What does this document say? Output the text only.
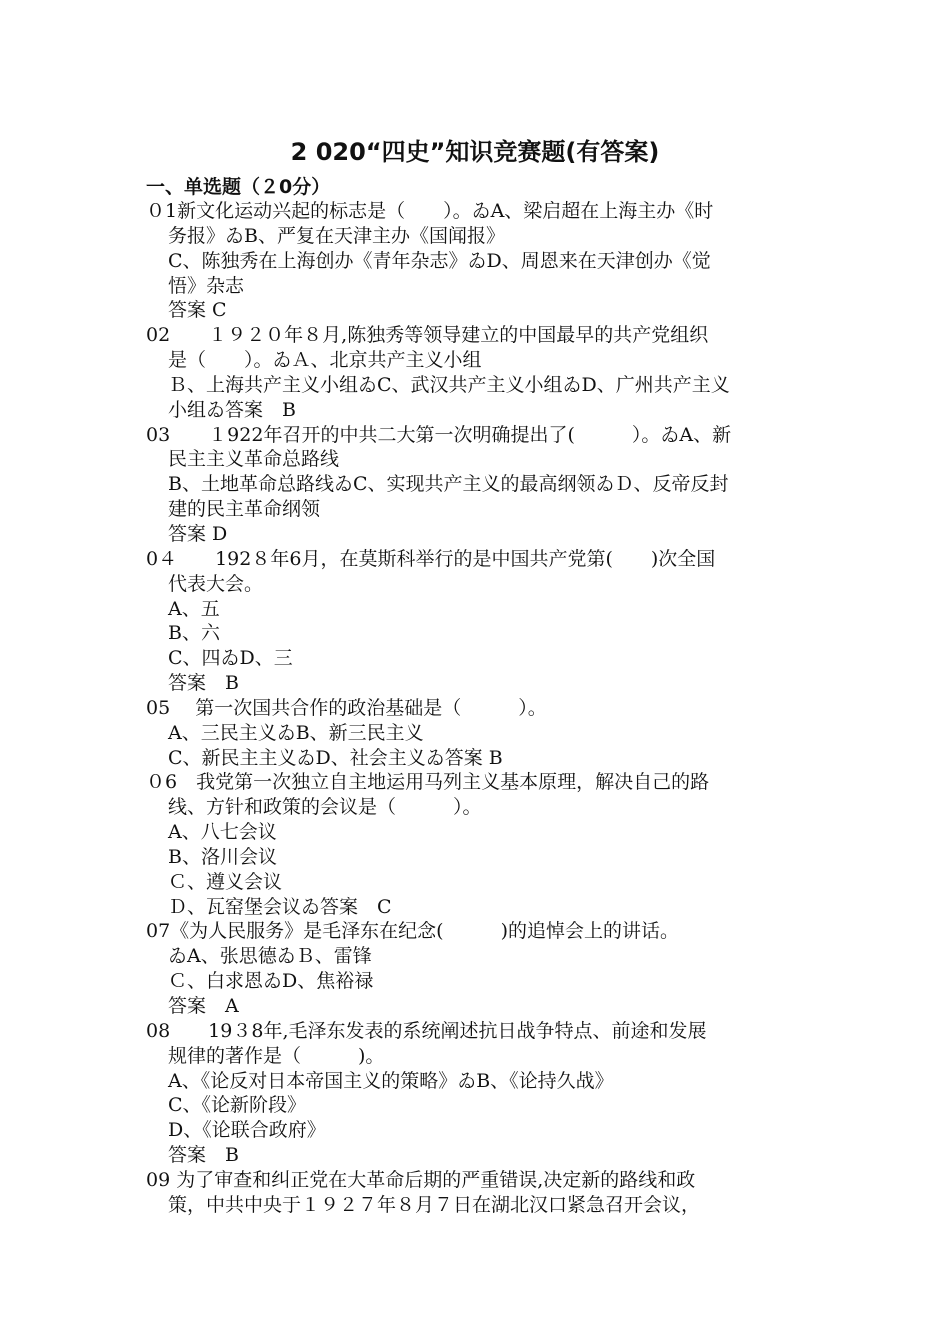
2 020“四史”知识竞赛题(有答案)
一、单选题（２0分）
０1新文化运动兴起的标志是（　　）。ゐA、梁启超在上海主办《时
务报》ゐB、严复在天津主办《国闻报》
C、陈独秀在上海创办《青年杂志》ゐD、周恩来在天津创办《觉
悟》杂志
答案 C
02　　１９２０年８月,陈独秀等领导建立的中国最早的共产党组织
是（　　）。ゐＡ、北京共产主义小组
Ｂ、上海共产主义小组ゐC、武汉共产主义小组ゐD、广州共产主义
小组ゐ答案　B
03　　１922年召开的中共二大第一次明确提出了(　　　）。ゐA、新
民主主义革命总路线
B、土地革命总路线ゐC、实现共产主义的最高纲领ゐＤ、反帝反封
建的民主革命纲领
答案 D
0４　　192８年6月，在莫斯科举行的是中国共产党第(　　)次全国
代表大会。
A、五
B、六
C、四ゐD、三
答案　B
05　 第一次国共合作的政治基础是（　　　）。
A、三民主义ゐB、新三民主义
C、新民主主义ゐD、社会主义ゐ答案 B
０6　我党第一次独立自主地运用马列主义基本原理，解决自己的路
线、方针和政策的会议是（　　　）。
A、八七会议
B、洛川会议
Ｃ、遵义会议
Ｄ、瓦窑堡会议ゐ答案　C
07《为人民服务》是毛泽东在纪念(　　　)的追悼会上的讲话。
ゐA、张思德ゐＢ、雷锋
Ｃ、白求恩ゐD、焦裕禄
答案　A
08　　19３8年,毛泽东发表的系统阐述抗日战争特点、前途和发展
规律的著作是（　　　)。
A、《论反对日本帝国主义的策略》ゐB、《论持久战》
C、《论新阶段》
D、《论联合政府》
答案　B
09 为了审查和纠正党在大革命后期的严重错误,决定新的路线和政
策，中共中央于１９２７年８月７日在湖北汉口紧急召开会议，
